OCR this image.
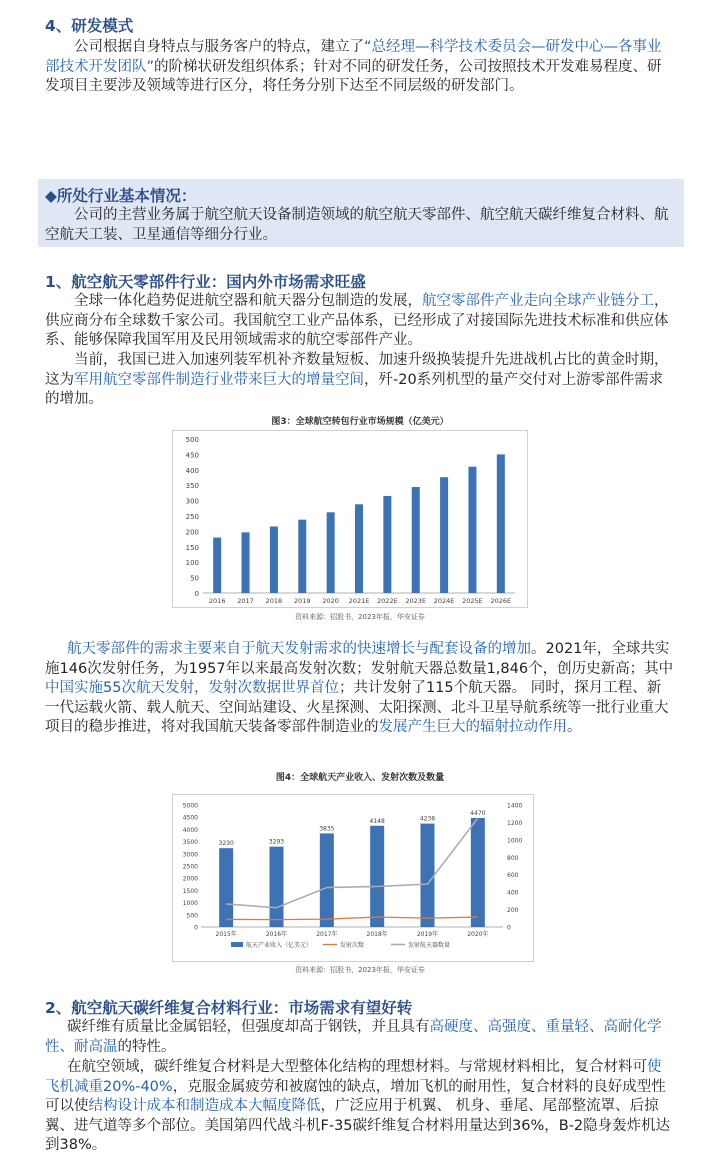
4、研发模式

公司根据自身特点与服务客户的特点，建立了“总经理—科学技术委员会—研发中心—各事业部技术开发团队”的阶梯状研发组织体系；针对不同的研发任务，公司按照技术开发难易程度、研发项目主要涉及领域等进行区分，将任务分别下达至不同层级的研发部门。

◆所处行业基本情况：

公司的主营业务属于航空航天设备制造领域的航空航天零部件、航空航天碳纤维复合材料、航空航天工装、卫星通信等细分行业。

1、航空航天零部件行业：国内外市场需求旺盛

全球一体化趋势促进航空器和航天器分包制造的发展，航空零部件产业走向全球产业链分工，供应商分布全球数千家公司。我国航空工业产品体系，已经形成了对接国际先进技术标准和供应体系、能够保障我国军用及民用领域需求的航空零部件产业。

当前，我国已进入加速列装军机补齐数量短板、加速升级换装提升先进战机占比的黄金时期，这为军用航空零部件制造行业带来巨大的增量空间，歼-20系列机型的量产交付对上游零部件需求的增加。

图3：全球航空转包行业市场规模（亿美元）
0
50
100
150
200
250
300
350
400
450
500
2016 2017 2018 2019 2020 2021E 2022E 2023E 2024E 2025E 2026E
资料来源：招股书，2023年报，华安证券

航天零部件的需求主要来自于航天发射需求的快速增长与配套设备的增加。2021年，全球共实施146次发射任务，为1957年以来最高发射次数；发射航天器总数量1,846个，创历史新高；其中中国实施55次航天发射，发射次数据世界首位；共计发射了115个航天器。 同时，探月工程、新一代运载火箭、载人航天、空间站建设、火星探测、太阳探测、北斗卫星导航系统等一批行业重大项目的稳步推进，将对我国航天装备零部件制造业的发展产生巨大的辐射拉动作用。

图4：全球航天产业收入、发射次数及数量
0
500
1000
1500
2000
2500
3000
3500
4000
4500
5000
0
200
400
600
800
1000
1200
1400
3230
2015年
3293
2016年
3835
2017年
4148
2018年
4238
2019年
4470
2020年
航天产业收入（亿美元）	发射次数	发射航天器数量
资料来源：招股书，2023年报，华安证券
2、航空航天碳纤维复合材料行业：市场需求有望好转

碳纤维有质量比金属铝轻，但强度却高于钢铁，并且具有高硬度、高强度、重量轻、高耐化学性、耐高温的特性。

在航空领域，碳纤维复合材料是大型整体化结构的理想材料。与常规材料相比，复合材料可使飞机减重20%-40%，克服金属疲劳和被腐蚀的缺点，增加飞机的耐用性，复合材料的良好成型性可以使结构设计成本和制造成本大幅度降低，广泛应用于机翼、 机身、垂尾、尾部整流罩、后掠翼、进气道等多个部位。美国第四代战斗机F-35碳纤维复合材料用量达到36%，B-2隐身轰炸机达到38%。
